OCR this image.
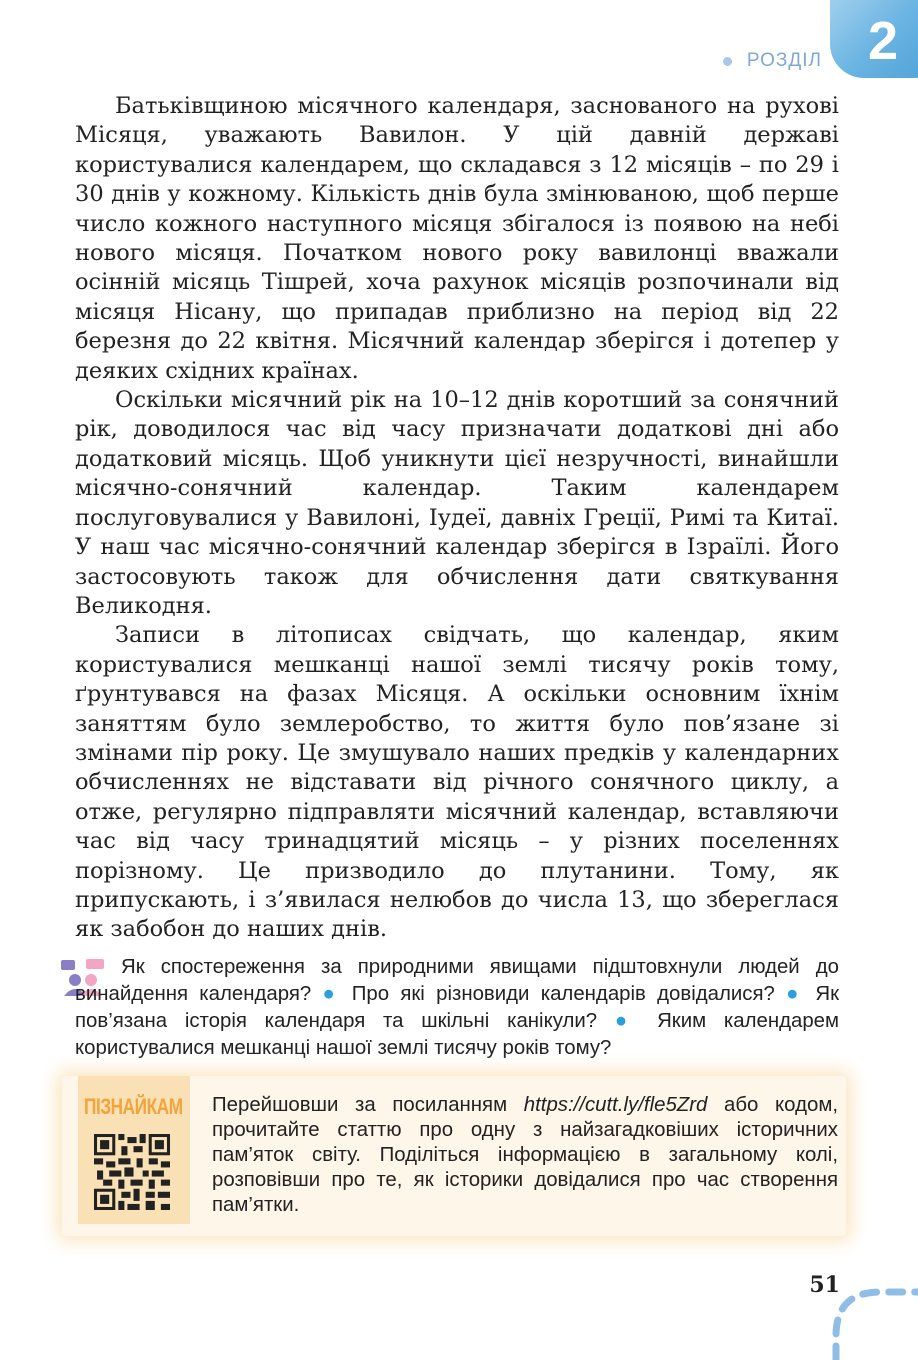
РОЗДІЛ 2

Батьківщиною місячного календаря, заснованого на рухові Місяця, уважають Вавилон. У цій давній державі користувалися календарем, що складався з 12 місяців – по 29 і 30 днів у кожному. Кількість днів була змінюваною, щоб перше число кожного наступного місяця збігалося із появою на небі нового місяця. Початком нового року вавилонці вважали осінній місяць Тішрей, хоча рахунок місяців розпочинали від місяця Нісану, що припадав приблизно на період від 22 березня до 22 квітня. Місячний календар зберігся і дотепер у деяких східних країнах.

Оскільки місячний рік на 10–12 днів коротший за сонячний рік, доводилося час від часу призначати додаткові дні або додатковий місяць. Щоб уникнути цієї незручності, винайшли місячно-сонячний календар. Таким календарем послуговувалися у Вавилоні, Іудеї, давніх Греції, Римі та Китаї. У наш час місячно-сонячний календар зберігся в Ізраїлі. Його застосовують також для обчислення дати святкування Великодня.

Записи в літописах свідчать, що календар, яким користувалися мешканці нашої землі тисячу років тому, ґрунтувався на фазах Місяця. А оскільки основним їхнім заняттям було землеробство, то життя було пов’язане зі змінами пір року. Це змушувало наших предків у календарних обчисленнях не відставати від річного сонячного циклу, а отже, регулярно підправляти місячний календар, вставляючи час від часу тринадцятий місяць – у різних поселеннях порізному. Це призводило до плутанини. Тому, як припускають, і з’явилася нелюбов до числа 13, що збереглася як забобон до наших днів.

Як спостереження за природними явищами підштовхнули людей до винайдення календаря? ● Про які різновиди календарів довідалися? ● Як пов’язана історія календаря та шкільні канікули? ● Яким календарем користувалися мешканці нашої землі тисячу років тому?
ПІЗНАЙКАМ Перейшовши за посиланням https://cutt.ly/fle5Zrd або кодом, прочитайте статтю про одну з найзагадковіших історичних пам’яток світу. Поділіться інформацією в загальному колі, розповівши про те, як історики довідалися про час створення пам’ятки.
51
